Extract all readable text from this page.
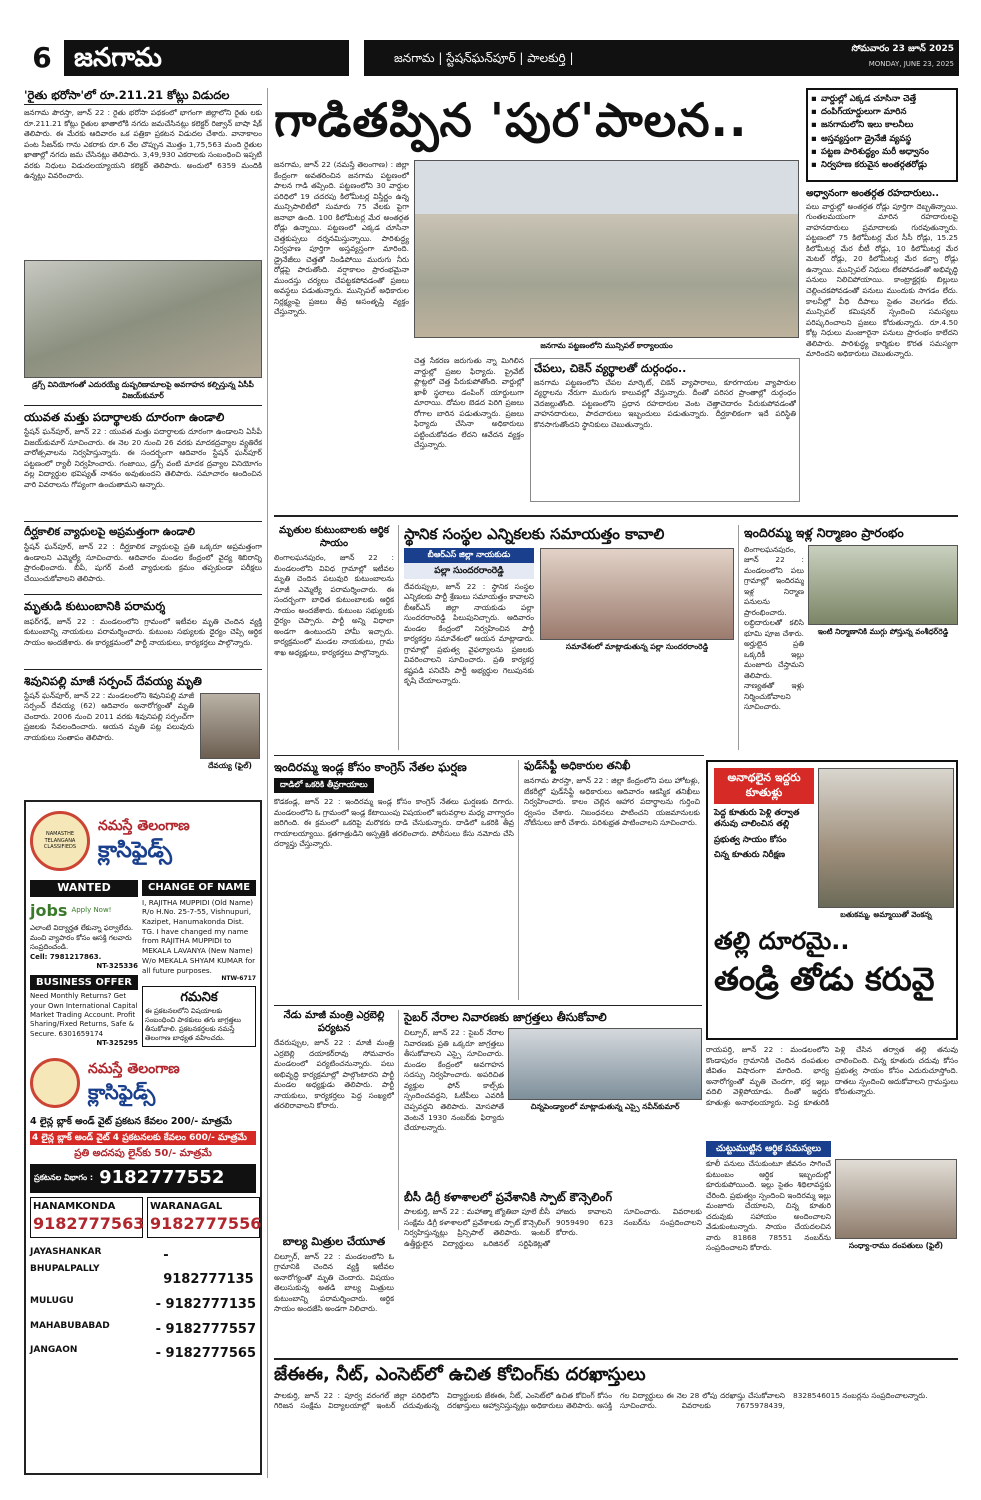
6 జనగామ	జనగామ | స్టేషన్‌ఘన్‌పూర్ | పాలకుర్తి |
సోమవారం 23 జూన్ 2025
MONDAY, JUNE 23, 2025
'రైతు భరోసా'లో రూ.211.21 కోట్లు విడుదల
జనగామ పౌరస్తా, జూన్ 22 : రైతు భరోసా పథకంలో భాగంగా జిల్లాలోని రైతు లకు రూ.211.21 కోట్లు రైతుల ఖాతాలోకి నగదు జమచేసినట్లు కలెక్టర్ రిజ్వాన్ బాషా షేక్ తెలిపారు. ఈ మేరకు ఆదివారం ఒక పత్రికా ప్రకటన విడుదల చేశారు. వానాకాలం పంట సీజన్‌కు గాను ఎకరాకు రూ.6 వేల చొప్పున మొత్తం 1,75,563 మంది రైతుల ఖాతాల్లో నగదు జమ చేసినట్లు తెలిపారు. 3,49,930 ఎకరాలకు సంబంధించి ఇప్పటి వరకు నిధులు విడుదలయ్యాయని కలెక్టర్ తెలిపారు. అందులో 6359 మందికి ఉన్నట్లు వివరించారు.
డ్రగ్స్ వినియోగంతో ఎదురయ్యే దుష్పరిణామాలపై అవగాహన కల్పిస్తున్న ఏసీపీ విజయ్‌కుమార్
యువత మత్తు పదార్థాలకు దూరంగా ఉండాలి
స్టేషన్ ఘన్‌పూర్, జూన్ 22 : యువత మత్తు పదార్థాలకు దూరంగా ఉండాలని ఏసీపీ విజయ్‌కుమార్ సూచించారు. ఈ నెల 20 నుంచి 26 వరకు మాదకద్రవ్యాల వ్యతిరేక వారోత్సవాలను నిర్వహిస్తున్నారు. ఈ సందర్భంగా ఆదివారం స్టేషన్ ఘన్‌పూర్ పట్టణంలో ర్యాలీ నిర్వహించారు. గంజాయి, డ్రగ్స్ వంటి మాదక ద్రవ్యాల వినియోగం వల్ల విద్యార్థుల భవిష్యత్ నాశనం అవుతుందని తెలిపారు. సమాచారం అందించిన వారి వివరాలను గోప్యంగా ఉంచుతామని అన్నారు.
దీర్ఘకాలిక వ్యాధులపై అప్రమత్తంగా ఉండాలి
స్టేషన్ ఘన్‌పూర్, జూన్ 22 : దీర్ఘకాలిక వ్యాధులపై ప్రతి ఒక్కరూ అప్రమత్తంగా ఉండాలని ఎమ్మెల్యే సూచించారు. ఆదివారం మండల కేంద్రంలో వైద్య శిబిరాన్ని ప్రారంభించారు. బీపీ, షుగర్ వంటి వ్యాధులకు క్రమం తప్పకుండా పరీక్షలు చేయించుకోవాలని తెలిపారు.
మృతుడి కుటుంబానికి పరామర్శ
జఫర్‌గఢ్, జూన్ 22 : మండలంలోని గ్రామంలో ఇటీవల మృతి చెందిన వ్యక్తి కుటుంబాన్ని నాయకులు పరామర్శించారు. కుటుంబ సభ్యులకు ధైర్యం చెప్పి ఆర్థిక సాయం అందజేశారు. ఈ కార్యక్రమంలో పార్టీ నాయకులు, కార్యకర్తలు పాల్గొన్నారు.
శివునిపల్లి మాజీ సర్పంచ్ దేవయ్య మృతి
స్టేషన్ ఘన్‌పూర్, జూన్ 22 : మండలంలోని శివునిపల్లి మాజీ సర్పంచ్ దేవయ్య (62) ఆదివారం అనారోగ్యంతో మృతి చెందారు. 2006 నుంచి 2011 వరకు శివునిపల్లి సర్పంచ్‌గా ప్రజలకు సేవలందించారు. ఆయన మృతి పట్ల పలువురు నాయకులు సంతాపం తెలిపారు.
దేవయ్య (ఫైల్)
NAMASTHE TELANGANA CLASSIFIEDS
నమస్తే తెలంగాణ
క్లాసిఫైడ్స్
WANTED
jobs Apply Now!
ఎలాంటి విద్యార్హత లేకున్నా ఫర్వాలేదు. మంచి వ్యాపారం కోసం ఆసక్తి గలవారు సంప్రదించండి.
Cell: 7981217863.
NT-325336
BUSINESS OFFER
Need Monthly Returns? Get your Own International Capital Market Trading Account. Profit Sharing/Fixed Returns, Safe & Secure. 6301659174
NT-325295
CHANGE OF NAME
I, RAJITHA MUPPIDI (Old Name) R/o H.No. 25-7-55, Vishnupuri, Kazipet, Hanumakonda Dist. TG. I have changed my name from RAJITHA MUPPIDI to MEKALA LAVANYA (New Name) W/o MEKALA SHYAM KUMAR for all future purposes.
NTW-6717
గమనిక
ఈ ప్రకటనలలోని విషయాలకు సంబంధించి పాఠకులు తగు జాగ్రత్తలు తీసుకోవాలి. ప్రకటనకర్తలకు నమస్తే తెలంగాణ బాధ్యత వహించదు.
నమస్తే తెలంగాణ
క్లాసిఫైడ్స్
4 లైన్ల బ్లాక్ అండ్ వైట్ ప్రకటన కేవలం 200/- మాత్రమే
4 లైన్ల బ్లాక్ అండ్ వైట్ 4 ప్రకటనలకు కేవలం 600/- మాత్రమే
ప్రతి అదనపు లైన్‌కు 50/- మాత్రమే
ప్రకటనల విభాగం : 9182777552
HANAMKONDA
9182777563
WARANAGAL
9182777556
JAYASHANKAR BHUPALPALLY
- 9182777135
MULUGU	- 9182777135
MAHABUBABAD	- 9182777557
JANGAON	- 9182777565
గాడితప్పిన 'పుర'పాలన..
▪	వార్డుల్లో ఎక్కడ చూసినా చెత్తే
▪ దంపిగ్‌యార్డులుగా మారిన
▪ జనగామలోని ఇలు కాలనీలు
▪ అస్తవ్యస్తంగా డ్రైనేజీ వ్యవస్థ
▪ పట్టణ పారిశుద్ధ్యం మరీ అధ్వానం
▪ నిర్వహణ కరువైన అంతర్గతరోడ్లు
జనగామ, జూన్ 22 (నమస్తే తెలంగాణ) : జిల్లా కేంద్రంగా అవతరించిన జనగామ పట్టణంలో పాలన గాడి తప్పింది. పట్టణంలోని 30 వార్డుల పరిధిలో 19 చదరపు కిలోమీటర్ల విస్తీర్ణం ఉన్న మున్సిపాలిటీలో సుమారు 75 వేలకు పైగా జనాభా ఉంది. 100 కిలోమీటర్ల మేర అంతర్గత రోడ్లు ఉన్నాయి. పట్టణంలో ఎక్కడ చూసినా చెత్తకుప్పలు దర్శనమిస్తున్నాయి. పారిశుద్ధ్య నిర్వహణ పూర్తిగా అస్తవ్యస్తంగా మారింది. డ్రైనేజీలు చెత్తతో నిండిపోయి మురుగు నీరు రోడ్లపై పారుతోంది. వర్షాకాలం ప్రారంభమైనా ముందస్తు చర్యలు చేపట్టకపోవడంతో ప్రజలు అవస్థలు పడుతున్నారు. మున్సిపల్ అధికారుల నిర్లక్ష్యంపై ప్రజలు తీవ్ర అసంతృప్తి వ్యక్తం చేస్తున్నారు.
జనగామ పట్టణంలోని మున్సిపల్ కార్యాలయం
చెత్త సేకరణ జరుగుతు న్నా మిగిలిన వార్డుల్లో ప్రజల ఫిర్యాదు. ప్రైవేట్ ప్లాట్లలో చెత్త పేరుకుపోతోంది. వార్డుల్లో ఖాళీ స్థలాలు డంపింగ్ యార్డులుగా మారాయి. దోమల బెడద పెరిగి ప్రజలు రోగాల బారిన పడుతున్నారు. ప్రజలు ఫిర్యాదు చేసినా అధికారులు పట్టించుకోవడం లేదని ఆవేదన వ్యక్తం చేస్తున్నారు.
చేపలు, చికెన్ వ్యర్థాలతో దుర్గంధం..
జనగామ పట్టణంలోని చేపల మార్కెట్, చికెన్ వ్యాపారాలు, కూరగాయల వ్యాపారుల వ్యర్థాలను నేరుగా మురుగు కాలువల్లో వేస్తున్నారు. దీంతో పరిసర ప్రాంతాల్లో దుర్గంధం వెదజల్లుతోంది. పట్టణంలోని ప్రధాన రహదారుల వెంట చెత్తాచెదారం పేరుకుపోవడంతో వాహనదారులు, పాదచారులు ఇబ్బందులు పడుతున్నారు. దీర్ఘకాలికంగా ఇదే పరిస్థితి కొనసాగుతోందని స్థానికులు చెబుతున్నారు.
అధ్వానంగా అంతర్గత రహదారులు..
పలు వార్డుల్లో అంతర్గత రోడ్లు పూర్తిగా దెబ్బతిన్నాయి. గుంతలమయంగా మారిన రహదారులపై వాహనదారులు ప్రమాదాలకు గురవుతున్నారు. పట్టణంలో 75 కిలోమీటర్ల మేర సీసీ రోడ్లు, 15.25 కిలోమీటర్ల మేర బీటీ రోడ్లు, 10 కిలోమీటర్ల మేర మెటల్ రోడ్లు, 20 కిలోమీటర్ల మేర కచ్చా రోడ్లు ఉన్నాయి. మున్సిపల్ నిధులు లేకపోవడంతో అభివృద్ధి పనులు నిలిచిపోయాయి. కాంట్రాక్టర్లకు బిల్లులు చెల్లించకపోవడంతో పనులు ముందుకు సాగడం లేదు. కాలనీల్లో వీధి దీపాలు సైతం వెలగడం లేదు. మున్సిపల్ కమిషనర్ స్పందించి సమస్యలు పరిష్కరించాలని ప్రజలు కోరుతున్నారు. రూ.4.50 కోట్ల నిధులు మంజూరైనా పనులు ప్రారంభం కాలేదని తెలిపారు. పారిశుద్ధ్య కార్మికుల కొరత సమస్యగా మారిందని అధికారులు చెబుతున్నారు.
మృతుల కుటుంబాలకు ఆర్థిక సాయం
లింగాలఘనపురం, జూన్ 22 : మండలంలోని వివిధ గ్రామాల్లో ఇటీవల మృతి చెందిన పలువురి కుటుంబాలను మాజీ ఎమ్మెల్యే పరామర్శించారు. ఈ సందర్భంగా బాధిత కుటుంబాలకు ఆర్థిక సాయం అందజేశారు. కుటుంబ సభ్యులకు ధైర్యం చెప్పారు. పార్టీ అన్ని విధాలా అండగా ఉంటుందని హామీ ఇచ్చారు. కార్యక్రమంలో మండల నాయకులు, గ్రామ శాఖ అధ్యక్షులు, కార్యకర్తలు పాల్గొన్నారు.
స్థానిక సంస్థల ఎన్నికలకు సమాయత్తం కావాలి
బీఆర్ఎస్ జిల్లా నాయకుడు
పల్లా సుందరరాంరెడ్డి
దేవరుప్పుల, జూన్ 22 : స్థానిక సంస్థల ఎన్నికలకు పార్టీ శ్రేణులు సమాయత్తం కావాలని బీఆర్ఎస్ జిల్లా నాయకుడు పల్లా సుందరరాంరెడ్డి పిలుపునిచ్చారు. ఆదివారం మండల కేంద్రంలో నిర్వహించిన పార్టీ కార్యకర్తల సమావేశంలో ఆయన మాట్లాడారు. గ్రామాల్లో ప్రభుత్వ వైఫల్యాలను ప్రజలకు వివరించాలని సూచించారు. ప్రతి కార్యకర్త కష్టపడి పనిచేసి పార్టీ అభ్యర్థుల గెలుపునకు కృషి చేయాలన్నారు.
సమావేశంలో మాట్లాడుతున్న పల్లా సుందరరాంరెడ్డి
ఇందిరమ్మ ఇళ్ల నిర్మాణం ప్రారంభం
లింగాలఘనపురం, జూన్ 22 : మండలంలోని పలు గ్రామాల్లో ఇందిరమ్మ ఇళ్ల నిర్మాణ పనులను ప్రారంభించారు. లబ్ధిదారులతో కలిసి భూమి పూజ చేశారు. అర్హులైన ప్రతి ఒక్కరికీ ఇల్లు మంజూరు చేస్తామని తెలిపారు. నాణ్యతతో ఇళ్లు నిర్మించుకోవాలని సూచించారు.
ఇంటి నిర్మాణానికి ముగ్గు పోస్తున్న వంశీధర్‌రెడ్డి
ఇందిరమ్మ ఇండ్ల కోసం కాంగ్రెస్ నేతల ఘర్షణ
దాడిలో ఒకరికి తీవ్రగాయాలు
కొడకండ్ల, జూన్ 22 : ఇందిరమ్మ ఇండ్ల కోసం కాంగ్రెస్ నేతలు ఘర్షణకు దిగారు. మండలంలోని ఓ గ్రామంలో ఇండ్ల కేటాయింపు విషయంలో ఇరువర్గాల మధ్య వాగ్వాదం జరిగింది. ఈ క్రమంలో ఒకరిపై మరొకరు దాడి చేసుకున్నారు. దాడిలో ఒకరికి తీవ్ర గాయాలయ్యాయి. క్షతగాత్రుడిని ఆస్పత్రికి తరలించారు. పోలీసులు కేసు నమోదు చేసి దర్యాప్తు చేస్తున్నారు.
ఫుడ్‌సేఫ్టీ అధికారుల తనిఖీ
జనగామ పౌరస్తా, జూన్ 22 : జిల్లా కేంద్రంలోని పలు హోటళ్లు, బేకరీల్లో ఫుడ్‌సేఫ్టీ అధికారులు ఆదివారం ఆకస్మిక తనిఖీలు నిర్వహించారు. కాలం చెల్లిన ఆహార పదార్థాలను గుర్తించి ధ్వంసం చేశారు. నిబంధనలు పాటించని యజమానులకు నోటీసులు జారీ చేశారు. పరిశుభ్రత పాటించాలని సూచించారు.
అనాథలైన ఇద్దరు కూతుళ్లు
పెద్ద కూతురు పెళ్లి తర్వాత తనువు చాలించిన తల్లి
ప్రభుత్వ సాయం కోసం
చిన్న కూతురు నిరీక్షణ
బతుకమ్మ, అమ్మాయితో వెంకన్న
తల్లి దూరమై..
తండ్రి తోడు కరువై
నేడు మాజీ మంత్రి ఎర్రబెల్లి పర్యటన
దేవరుప్పుల, జూన్ 22 : మాజీ మంత్రి ఎర్రబెల్లి దయాకర్‌రావు సోమవారం మండలంలో పర్యటించనున్నారు. పలు అభివృద్ధి కార్యక్రమాల్లో పాల్గొంటారని పార్టీ మండల అధ్యక్షుడు తెలిపారు. పార్టీ నాయకులు, కార్యకర్తలు పెద్ద సంఖ్యలో తరలిరావాలని కోరారు.
సైబర్ నేరాల నివారణకు జాగ్రత్తలు తీసుకోవాలి
చిల్పూర్, జూన్ 22 : సైబర్ నేరాల నివారణకు ప్రతి ఒక్కరూ జాగ్రత్తలు తీసుకోవాలని ఎస్సై సూచించారు. మండల కేంద్రంలో అవగాహన సదస్సు నిర్వహించారు. అపరిచిత వ్యక్తుల ఫోన్ కాల్స్‌కు స్పందించవద్దని, ఓటీపీలు ఎవరికీ చెప్పవద్దని తెలిపారు. మోసపోతే వెంటనే 1930 నంబర్‌కు ఫిర్యాదు చేయాలన్నారు.
చిన్నపెండ్యాలలో మాట్లాడుతున్న ఎస్సై నవీన్‌కుమార్
బాల్య మిత్రుల చేయూత
చిల్పూర్, జూన్ 22 : మండలంలోని ఓ గ్రామానికి చెందిన వ్యక్తి ఇటీవల అనారోగ్యంతో మృతి చెందారు. విషయం తెలుసుకున్న అతడి బాల్య మిత్రులు కుటుంబాన్ని పరామర్శించారు. ఆర్థిక సాయం అందజేసి అండగా నిలిచారు.
బీసీ డిగ్రీ కళాశాలలో ప్రవేశానికి స్పాట్ కౌన్సెలింగ్
పాలకుర్తి, జూన్ 22 : మహాత్మా జ్యోతిబా పూలే బీసీ సంక్షేమ డిగ్రీ కళాశాలలో ప్రవేశాలకు స్పాట్ కౌన్సెలింగ్ నిర్వహిస్తున్నట్లు ప్రిన్సిపాల్ తెలిపారు. ఇంటర్ ఉత్తీర్ణులైన విద్యార్థులు ఒరిజినల్ సర్టిఫికెట్లతో హాజరు కావాలని సూచించారు. వివరాలకు 9059490 623 నంబర్‌ను సంప్రదించాలని కోరారు.
రాయపర్తి, జూన్ 22 : మండలంలోని కొండాపురం గ్రామానికి చెందిన దంపతుల జీవితం విషాదంగా మారింది. భార్య అనారోగ్యంతో మృతి చెందగా, భర్త ఇల్లు వదిలి వెళ్లిపోయాడు. దీంతో ఇద్దరు కూతుళ్లు అనాథలయ్యారు. పెద్ద కూతురికి పెళ్లి చేసిన తర్వాత తల్లి తనువు చాలించింది. చిన్న కూతురు చదువు కోసం ప్రభుత్వ సాయం కోసం ఎదురుచూస్తోంది. దాతలు స్పందించి ఆదుకోవాలని గ్రామస్తులు కోరుతున్నారు.
చుట్టుముట్టిన ఆర్థిక సమస్యలు
కూలీ పనులు చేసుకుంటూ జీవనం సాగించే కుటుంబం ఆర్థిక ఇబ్బందుల్లో కూరుకుపోయింది. ఇల్లు సైతం శిథిలావస్థకు చేరింది. ప్రభుత్వం స్పందించి ఇందిరమ్మ ఇల్లు మంజూరు చేయాలని, చిన్న కూతురి చదువుకు సహాయం అందించాలని వేడుకుంటున్నారు. సాయం చేయదలచిన వారు 81868 78551 నంబర్‌ను సంప్రదించాలని కోరారు.	సంధ్యా-రాము దంపతులు (ఫైల్)
జేఈఈ, నీట్, ఎంసెట్‌లో ఉచిత కోచింగ్‌కు దరఖాస్తులు
పాలకుర్తి, జూన్ 22 : పూర్వ వరంగల్ జిల్లా పరిధిలోని గిరిజన సంక్షేమ విద్యాలయాల్లో ఇంటర్ చదువుతున్న విద్యార్థులకు జేఈఈ, నీట్, ఎంసెట్‌లో ఉచిత కోచింగ్ కోసం దరఖాస్తులు ఆహ్వానిస్తున్నట్లు అధికారులు తెలిపారు. ఆసక్తి గల విద్యార్థులు ఈ నెల 28 లోపు దరఖాస్తు చేసుకోవాలని సూచించారు. వివరాలకు 7675978439, 8328546015 నంబర్లను సంప్రదించాలన్నారు.
